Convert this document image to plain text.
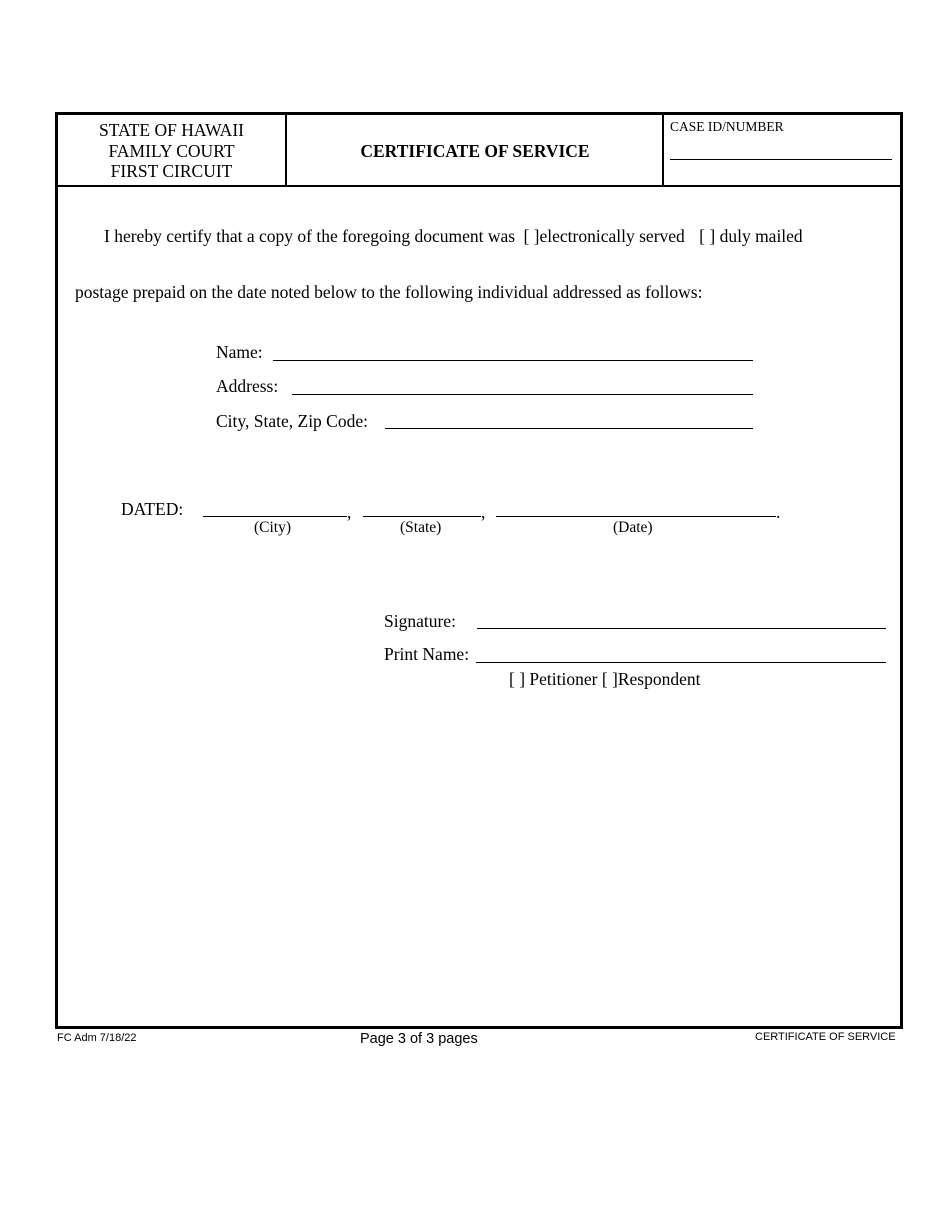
STATE OF HAWAII
FAMILY COURT
FIRST CIRCUIT
CERTIFICATE OF SERVICE
CASE ID/NUMBER
I hereby certify that a copy of the foregoing document was [ ]electronically served [ ] duly mailed
postage prepaid on the date noted below to the following individual addressed as follows:
Name:
Address:
City, State, Zip Code:
DATED:	,	,	.
(City)	(State)	(Date)
Signature:
Print Name:
[ ] Petitioner [ ]Respondent
FC Adm 7/18/22	Page 3 of 3 pages	CERTIFICATE OF SERVICE
